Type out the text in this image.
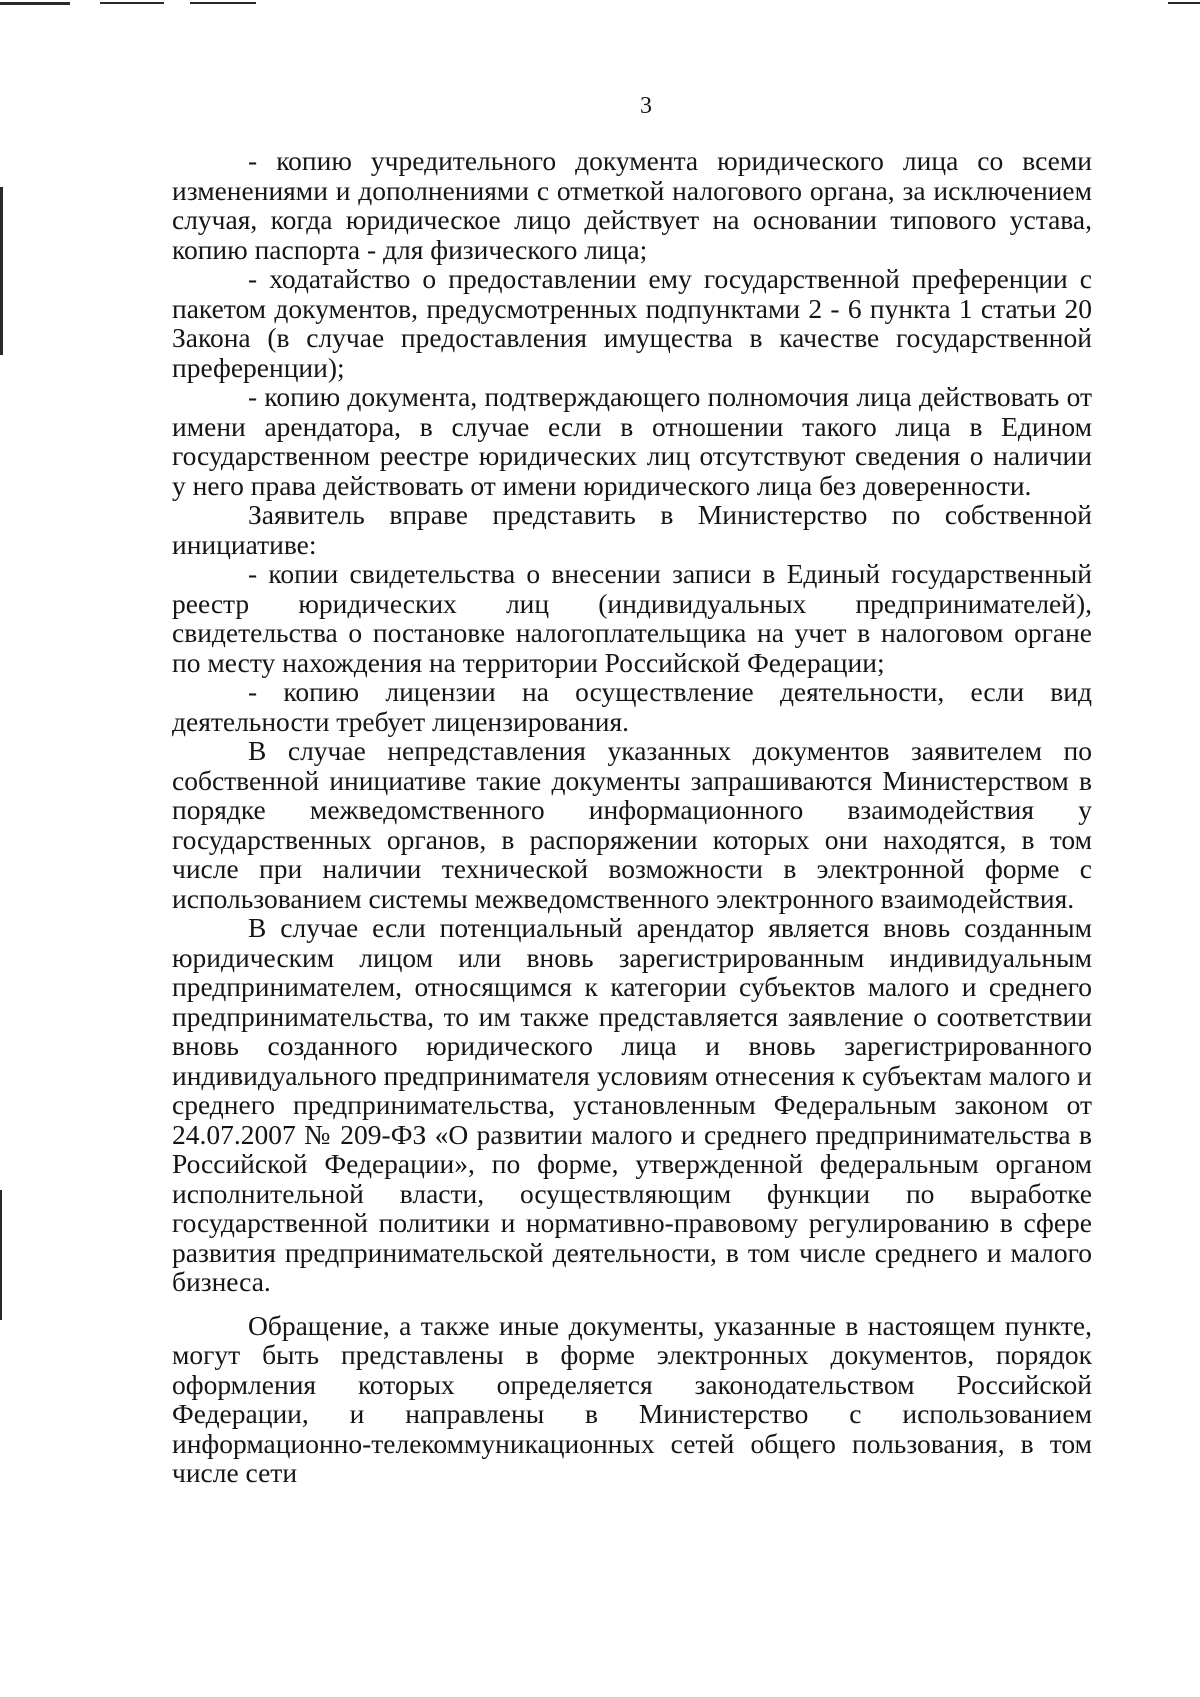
3

- копию учредительного документа юридического лица со всеми изменениями и дополнениями с отметкой налогового органа, за исключением случая, когда юридическое лицо действует на основании типового устава, копию паспорта - для физического лица;

- ходатайство о предоставлении ему государственной преференции с пакетом документов, предусмотренных подпунктами 2 - 6 пункта 1 статьи 20 Закона (в случае предоставления имущества в качестве государственной преференции);

- копию документа, подтверждающего полномочия лица действовать от имени арендатора, в случае если в отношении такого лица в Едином государственном реестре юридических лиц отсутствуют сведения о наличии у него права действовать от имени юридического лица без доверенности.

Заявитель вправе представить в Министерство по собственной инициативе:

- копии свидетельства о внесении записи в Единый государственный реестр юридических лиц (индивидуальных предпринимателей), свидетельства о постановке налогоплательщика на учет в налоговом органе по месту нахождения на территории Российской Федерации;

- копию лицензии на осуществление деятельности, если вид деятельности требует лицензирования.

В случае непредставления указанных документов заявителем по собственной инициативе такие документы запрашиваются Министерством в порядке межведомственного информационного взаимодействия у государственных органов, в распоряжении которых они находятся, в том числе при наличии технической возможности в электронной форме с использованием системы межведомственного электронного взаимодействия.

В случае если потенциальный арендатор является вновь созданным юридическим лицом или вновь зарегистрированным индивидуальным предпринимателем, относящимся к категории субъектов малого и среднего предпринимательства, то им также представляется заявление о соответствии вновь созданного юридического лица и вновь зарегистрированного индивидуального предпринимателя условиям отнесения к субъектам малого и среднего предпринимательства, установленным Федеральным законом от 24.07.2007 № 209-ФЗ «О развитии малого и среднего предпринимательства в Российской Федерации», по форме, утвержденной федеральным органом исполнительной власти, осуществляющим функции по выработке государственной политики и нормативно-правовому регулированию в сфере развития предпринимательской деятельности, в том числе среднего и малого бизнеса.

Обращение, а также иные документы, указанные в настоящем пункте, могут быть представлены в форме электронных документов, порядок оформления которых определяется законодательством Российской Федерации, и направлены в Министерство с использованием информационно-телекоммуникационных сетей общего пользования, в том числе сети
